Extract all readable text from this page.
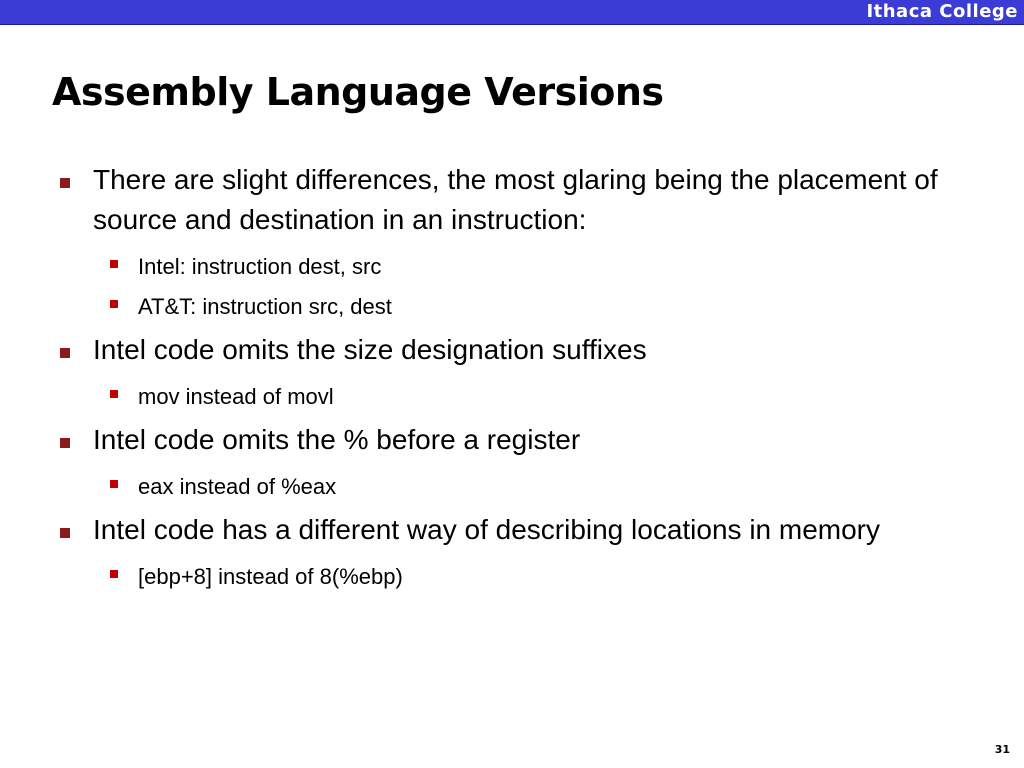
Ithaca College
Assembly Language Versions
There are slight differences, the most glaring being the placement of source and destination in an instruction:
Intel: instruction dest, src
AT&T: instruction src, dest
Intel code omits the size designation suffixes
mov instead of movl
Intel code omits the % before a register
eax instead of %eax
Intel code has a different way of describing locations in memory
[ebp+8] instead of 8(%ebp)
31
